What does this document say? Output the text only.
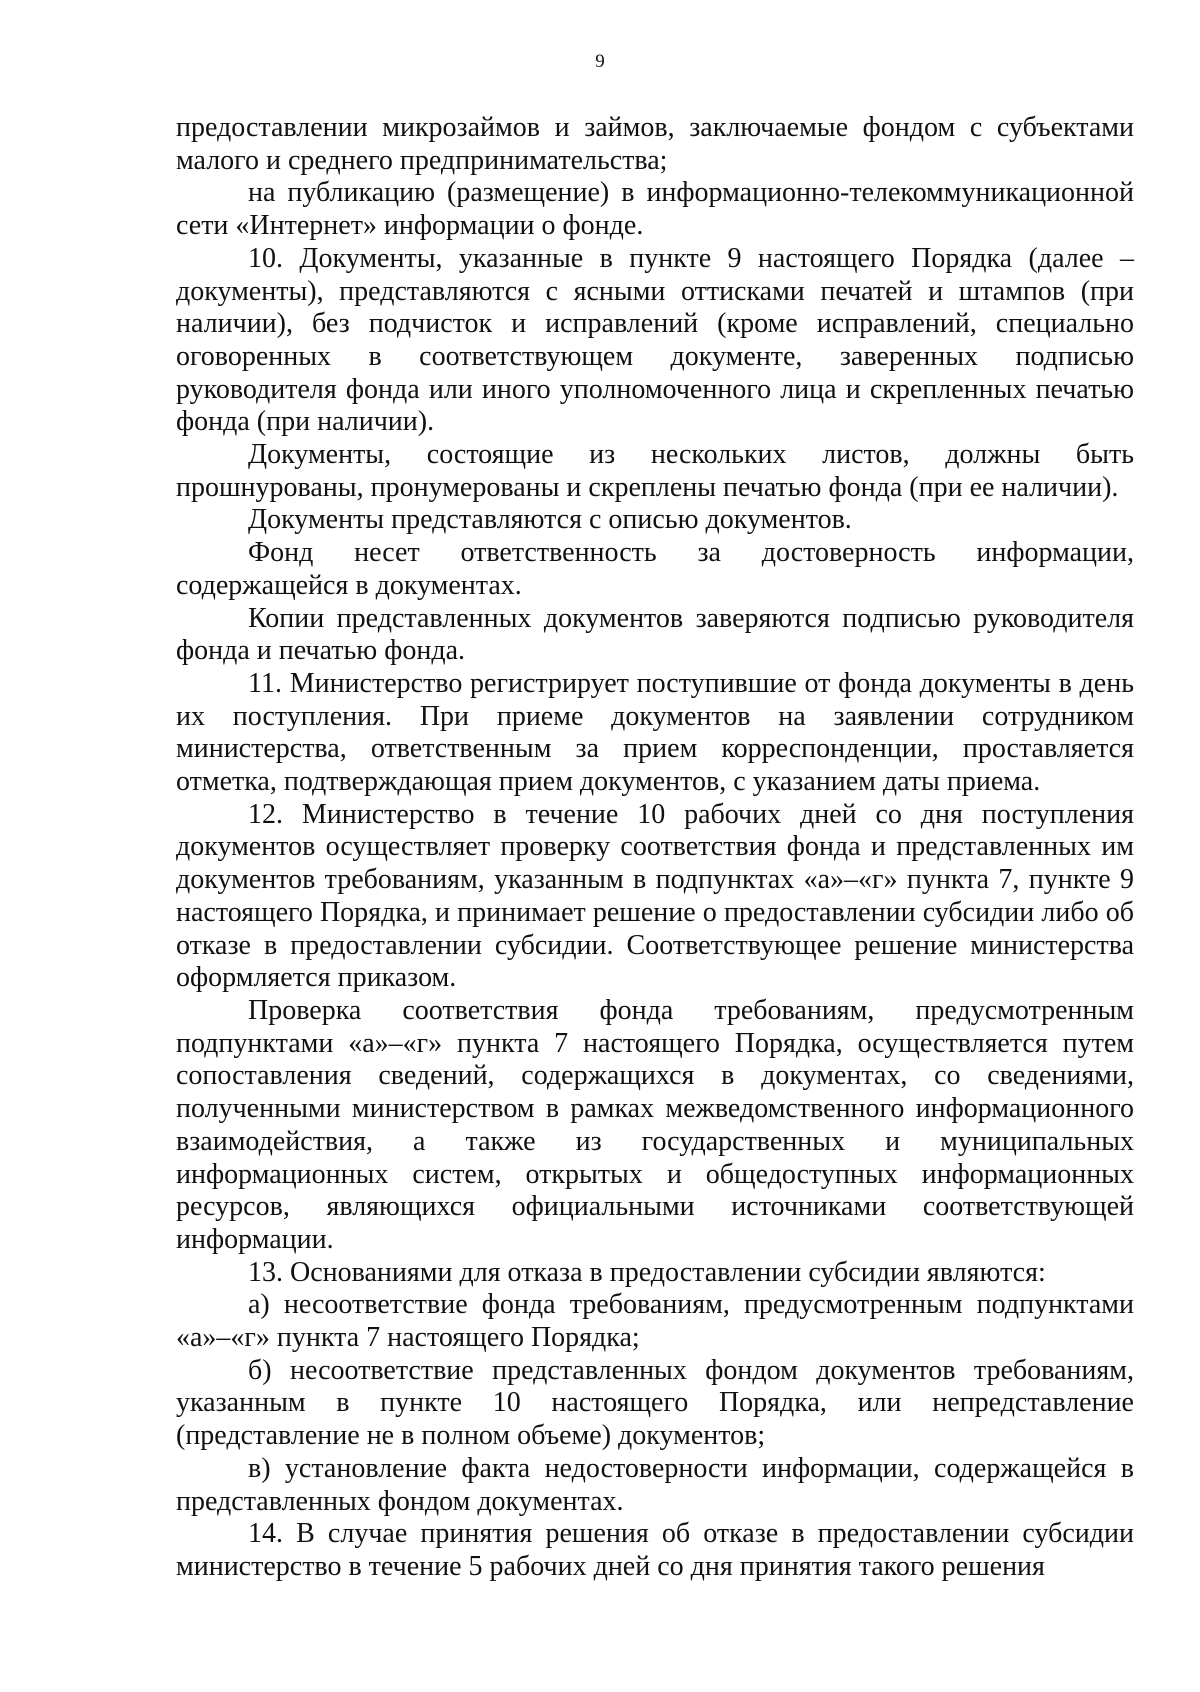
9

предоставлении микрозаймов и займов, заключаемые фондом с субъектами малого и среднего предпринимательства;

на публикацию (размещение) в информационно-телекоммуникационной сети «Интернет» информации о фонде.

10. Документы, указанные в пункте 9 настоящего Порядка (далее – документы), представляются с ясными оттисками печатей и штампов (при наличии), без подчисток и исправлений (кроме исправлений, специально оговоренных в соответствующем документе, заверенных подписью руководителя фонда или иного уполномоченного лица и скрепленных печатью фонда (при наличии).

Документы, состоящие из нескольких листов, должны быть прошнурованы, пронумерованы и скреплены печатью фонда (при ее наличии).

Документы представляются с описью документов.

Фонд несет ответственность за достоверность информации, содержащейся в документах.

Копии представленных документов заверяются подписью руководителя фонда и печатью фонда.

11. Министерство регистрирует поступившие от фонда документы в день их поступления. При приеме документов на заявлении сотрудником министерства, ответственным за прием корреспонденции, проставляется отметка, подтверждающая прием документов, с указанием даты приема.

12. Министерство в течение 10 рабочих дней со дня поступления документов осуществляет проверку соответствия фонда и представленных им документов требованиям, указанным в подпунктах «а»–«г» пункта 7, пункте 9 настоящего Порядка, и принимает решение о предоставлении субсидии либо об отказе в предоставлении субсидии. Соответствующее решение министерства оформляется приказом.

Проверка соответствия фонда требованиям, предусмотренным подпунктами «а»–«г» пункта 7 настоящего Порядка, осуществляется путем сопоставления сведений, содержащихся в документах, со сведениями, полученными министерством в рамках межведомственного информационного взаимодействия, а также из государственных и муниципальных информационных систем, открытых и общедоступных информационных ресурсов, являющихся официальными источниками соответствующей информации.

13. Основаниями для отказа в предоставлении субсидии являются:

а) несоответствие фонда требованиям, предусмотренным подпунктами «а»–«г» пункта 7 настоящего Порядка;

б) несоответствие представленных фондом документов требованиям, указанным в пункте 10 настоящего Порядка, или непредставление (представление не в полном объеме) документов;

в) установление факта недостоверности информации, содержащейся в представленных фондом документах.

14. В случае принятия решения об отказе в предоставлении субсидии министерство в течение 5 рабочих дней со дня принятия такого решения
